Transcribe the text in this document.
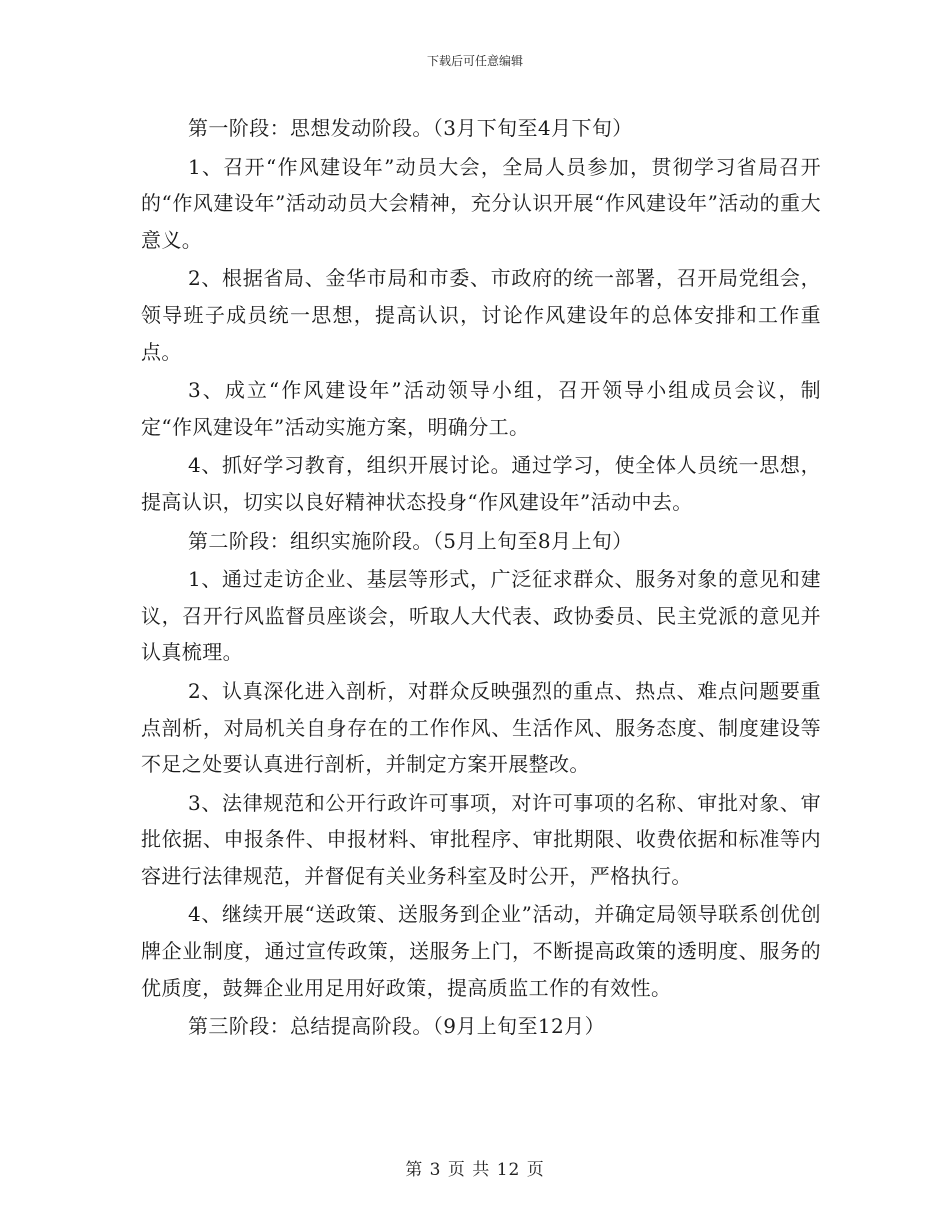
下载后可任意编辑

第一阶段：思想发动阶段。（3月下旬至4月下旬）

1、召开“作风建设年”动员大会，全局人员参加，贯彻学习省局召开的“作风建设年”活动动员大会精神，充分认识开展“作风建设年”活动的重大意义。

2、根据省局、金华市局和市委、市政府的统一部署，召开局党组会，领导班子成员统一思想，提高认识，讨论作风建设年的总体安排和工作重点。

3、成立“作风建设年”活动领导小组，召开领导小组成员会议，制定“作风建设年”活动实施方案，明确分工。

4、抓好学习教育，组织开展讨论。通过学习，使全体人员统一思想，提高认识，切实以良好精神状态投身“作风建设年”活动中去。

第二阶段：组织实施阶段。（5月上旬至8月上旬）

1、通过走访企业、基层等形式，广泛征求群众、服务对象的意见和建议，召开行风监督员座谈会，听取人大代表、政协委员、民主党派的意见并认真梳理。

2、认真深化进入剖析，对群众反映强烈的重点、热点、难点问题要重点剖析，对局机关自身存在的工作作风、生活作风、服务态度、制度建设等不足之处要认真进行剖析，并制定方案开展整改。

3、法律规范和公开行政许可事项，对许可事项的名称、审批对象、审批依据、申报条件、申报材料、审批程序、审批期限、收费依据和标准等内容进行法律规范，并督促有关业务科室及时公开，严格执行。

4、继续开展“送政策、送服务到企业”活动，并确定局领导联系创优创牌企业制度，通过宣传政策，送服务上门，不断提高政策的透明度、服务的优质度，鼓舞企业用足用好政策，提高质监工作的有效性。

第三阶段：总结提高阶段。（9月上旬至12月）

第 3 页 共 12 页
